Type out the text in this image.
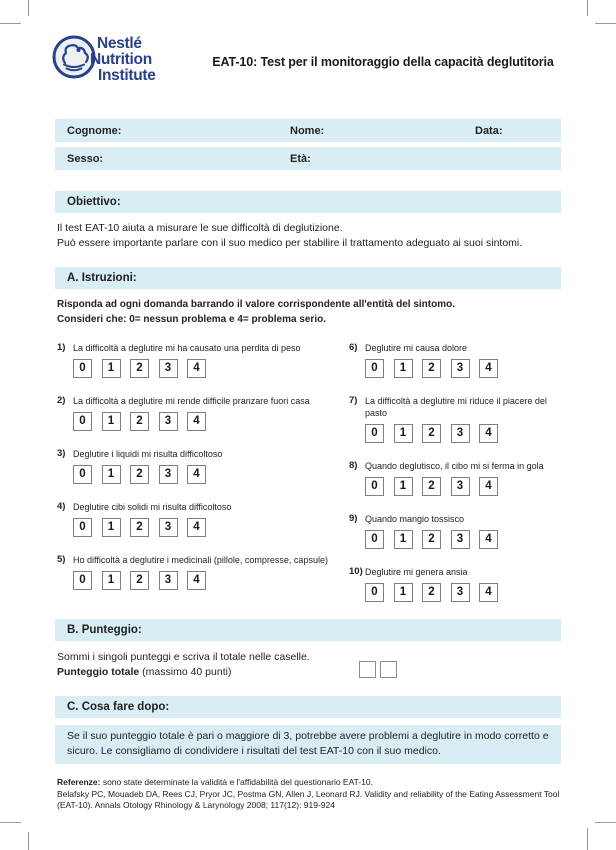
Nestlé
Nutrition
Institute
EAT-10: Test per il monitoraggio della capacità deglutitoria
Cognome:	Nome:	Data:
Sesso:	Età:
Obiettivo:
Il test EAT-10 aiuta a misurare le sue difficoltà di deglutizione.
Può essere importante parlare con il suo medico per stabilire il trattamento adeguato ai suoi sintomi.
A. Istruzioni:
Risponda ad ogni domanda barrando il valore corrispondente all'entità del sintomo.
Consideri che: 0= nessun problema e 4= problema serio.
1) La difficoltà a deglutire mi ha causato una perdita di peso
0	1	2	3	4
2) La difficoltà a deglutire mi rende difficile pranzare fuori casa
0	1	2	3	4
3) Deglutire i liquidi mi risulta difficoltoso
0	1	2	3	4
4) Deglutire cibi solidi mi risulta difficoltoso
0	1	2	3	4
5) Ho difficoltà a deglutire i medicinali (pillole, compresse, capsule)
0	1	2	3	4
6) Deglutire mi causa dolore
0	1	2	3	4
7) La difficoltà a deglutire mi riduce il piacere del pasto
0	1	2	3	4
8) Quando deglutisco, il cibo mi si ferma in gola
0	1	2	3	4
9) Quando mangio tossisco
0	1	2	3	4
10) Deglutire mi genera ansia
0	1	2	3	4
B. Punteggio:
Sommi i singoli punteggi e scriva il totale nelle caselle.
Punteggio totale (massimo 40 punti)
C. Cosa fare dopo:
Se il suo punteggio totale è pari o maggiore di 3, potrebbe avere problemi a deglutire in modo corretto e sicuro. Le consigliamo di condividere i risultati del test EAT-10 con il suo medico.
Referenze: sono state determinate la validità e l'affidabilità del questionario EAT-10.
Belafsky PC, Mouadeb DA, Rees CJ, Pryor JC, Postma GN, Allen J, Leonard RJ. Validity and reliability of the Eating Assessment Tool
(EAT-10). Annals Otology Rhinology & Larynology 2008; 117(12): 919-924
